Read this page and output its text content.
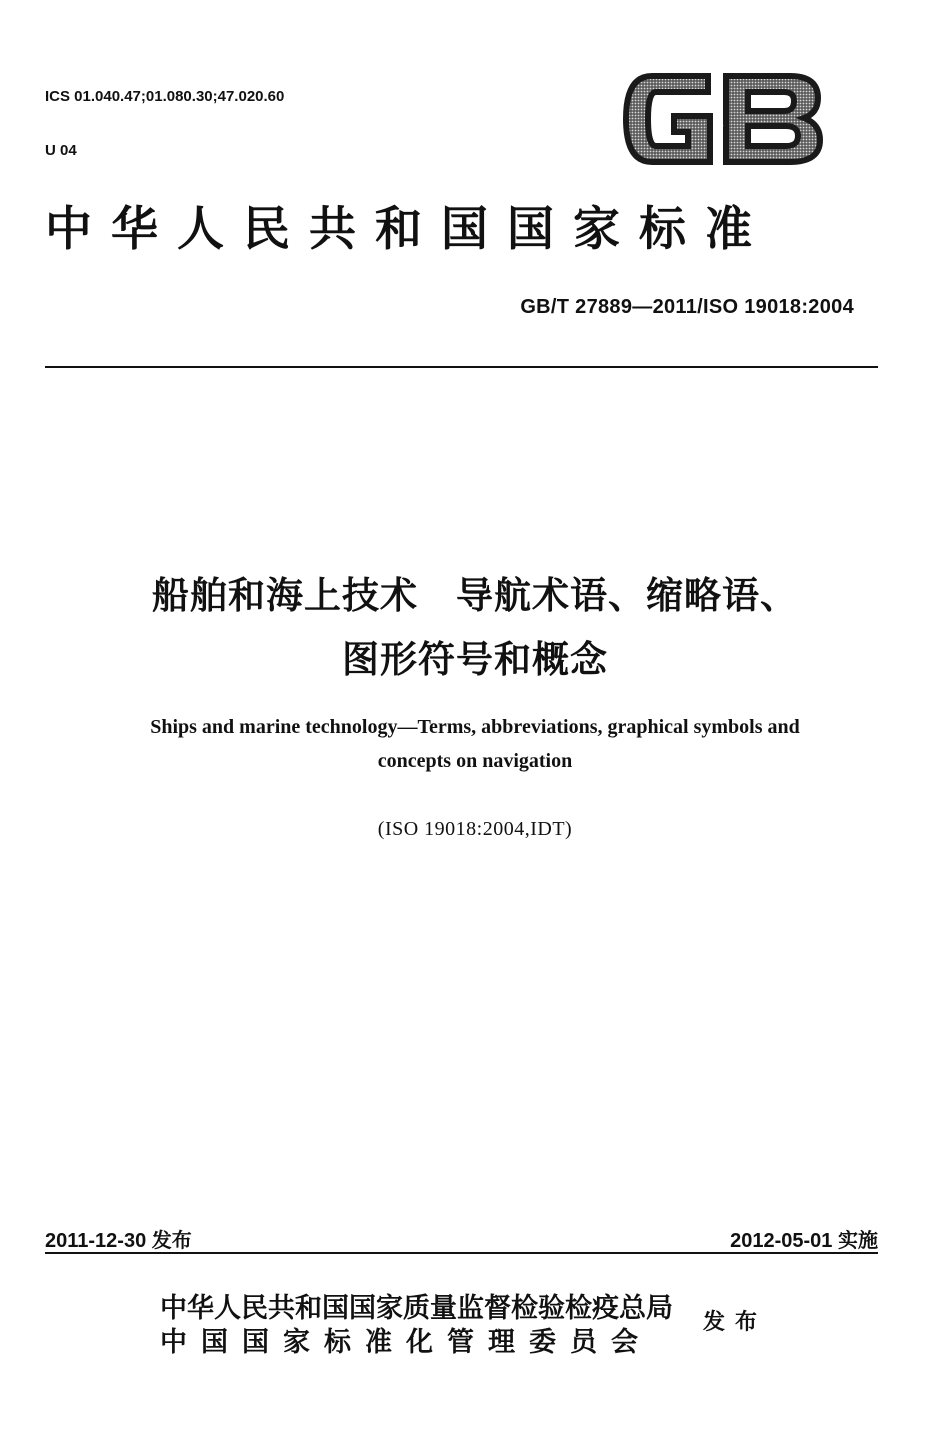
ICS 01.040.47;01.080.30;47.020.60

U 04

GB
中华人民共和国国家标准
GB/T 27889—2011/ISO 19018:2004
船舶和海上技术　导航术语、缩略语、
图形符号和概念
Ships and marine technology—Terms, abbreviations, graphical symbols and
concepts on navigation
(ISO 19018:2004,IDT)
2011-12-30 发布	2012-05-01 实施
中华人民共和国国家质量监督检验检疫总局
中国国家标准化管理委员会
发布
